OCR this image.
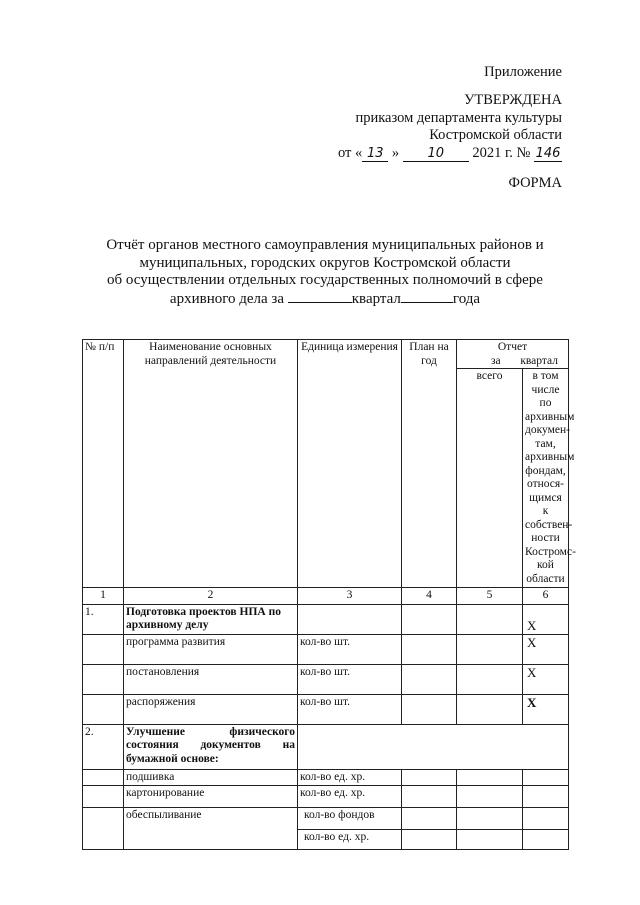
Приложение
УТВЕРЖДЕНА
приказом департамента культуры
Костромской области
от « 13 » 10 2021 г. № 146
ФОРМА
Отчёт органов местного самоуправления муниципальных районов и
муниципальных, городских округов Костромской области
об осуществлении отдельных государственных полномочий в сфере
архивного дела за	квартал	года
№ п/п	Наименование основных направлений деятельности	Единица измерения	План на год	Отчет
за квартал	

				всего	в том числе по архивным докумен-там, архивным фондам, относя-щимся к собствен-ности Костромс-кой области
1	2	3	4	5	6
1.	Подготовка проектов НПА по архивному делу				X
	программа развития	кол-во шт.			X
	постановления	кол-во шт.			X
	распоряжения	кол-во шт.			X
2.	Улучшение физического состояния документов на бумажной основе:				
	подшивка	кол-во ед. хр.			
	картонирование	кол-во ед. хр.			
	обеспыливание	кол-во фондов			
		кол-во ед. хр.			
